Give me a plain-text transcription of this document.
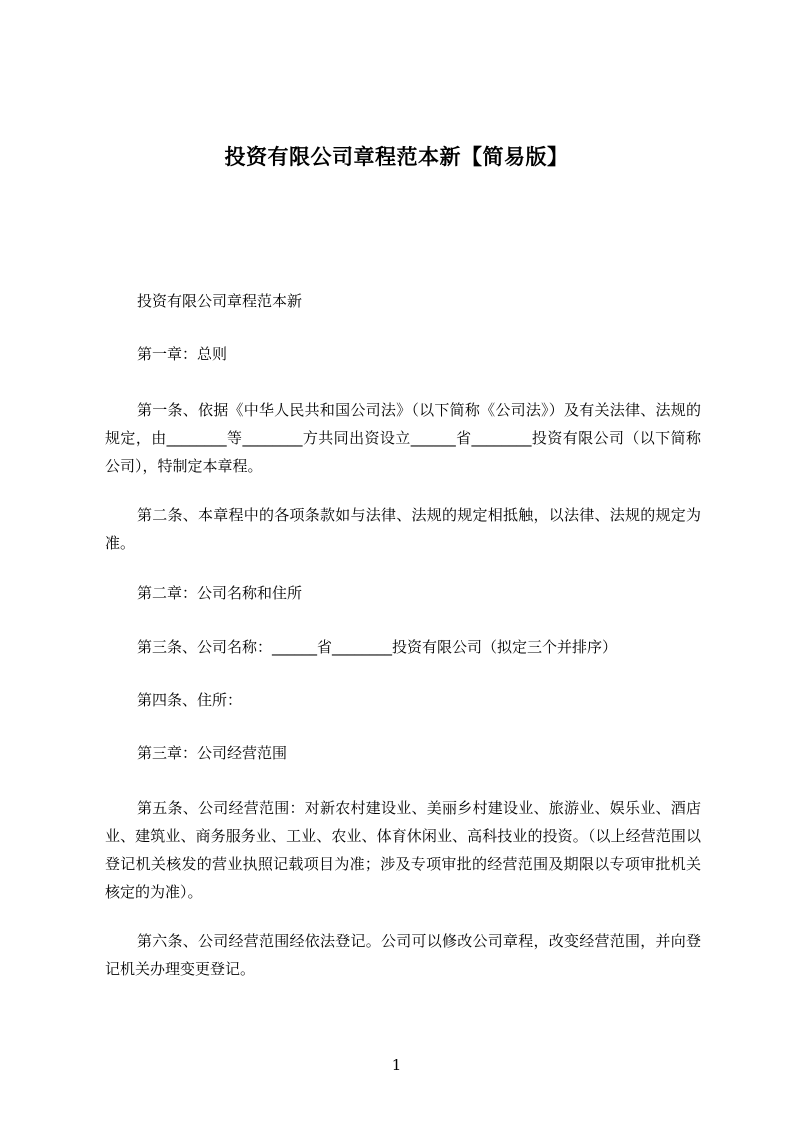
投资有限公司章程范本新【简易版】
投资有限公司章程范本新
第一章：总则

第一条、依据《中华人民共和国公司法》（以下简称《公司法》）及有关法律、法规的规定，由________等________方共同出资设立______省________投资有限公司（以下简称公司），特制定本章程。

第二条、本章程中的各项条款如与法律、法规的规定相抵触，以法律、法规的规定为准。

第二章：公司名称和住所
第三条、公司名称：______省________投资有限公司（拟定三个并排序）
第四条、住所：
第三章：公司经营范围

第五条、公司经营范围：对新农村建设业、美丽乡村建设业、旅游业、娱乐业、酒店业、建筑业、商务服务业、工业、农业、体育休闲业、高科技业的投资。（以上经营范围以登记机关核发的营业执照记载项目为准；涉及专项审批的经营范围及期限以专项审批机关核定的为准）。

第六条、公司经营范围经依法登记。公司可以修改公司章程，改变经营范围，并向登记机关办理变更登记。

1
